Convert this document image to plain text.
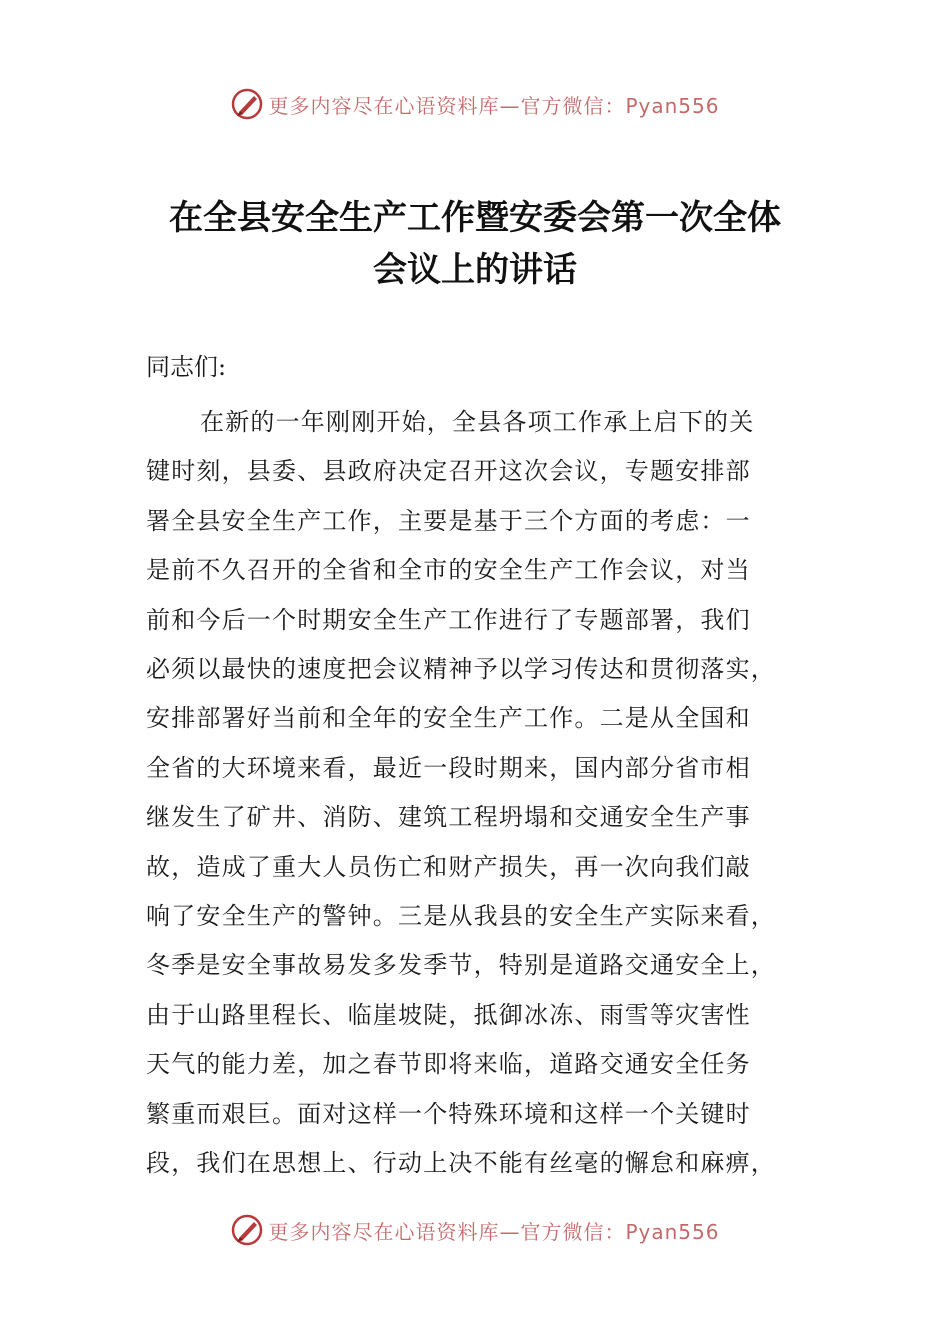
更多内容尽在心语资料库—官方微信：Pyan556
在全县安全生产工作暨安委会第一次全体
会议上的讲话

同志们:

在新的一年刚刚开始，全县各项工作承上启下的关
键时刻，县委、县政府决定召开这次会议，专题安排部
署全县安全生产工作，主要是基于三个方面的考虑：一
是前不久召开的全省和全市的安全生产工作会议，对当
前和今后一个时期安全生产工作进行了专题部署，我们
必须以最快的速度把会议精神予以学习传达和贯彻落实，
安排部署好当前和全年的安全生产工作。二是从全国和
全省的大环境来看，最近一段时期来，国内部分省市相
继发生了矿井、消防、建筑工程坍塌和交通安全生产事
故，造成了重大人员伤亡和财产损失，再一次向我们敲
响了安全生产的警钟。三是从我县的安全生产实际来看，
冬季是安全事故易发多发季节，特别是道路交通安全上，
由于山路里程长、临崖坡陡，抵御冰冻、雨雪等灾害性
天气的能力差，加之春节即将来临，道路交通安全任务
繁重而艰巨。面对这样一个特殊环境和这样一个关键时
段，我们在思想上、行动上决不能有丝毫的懈怠和麻痹，

更多内容尽在心语资料库—官方微信：Pyan556
